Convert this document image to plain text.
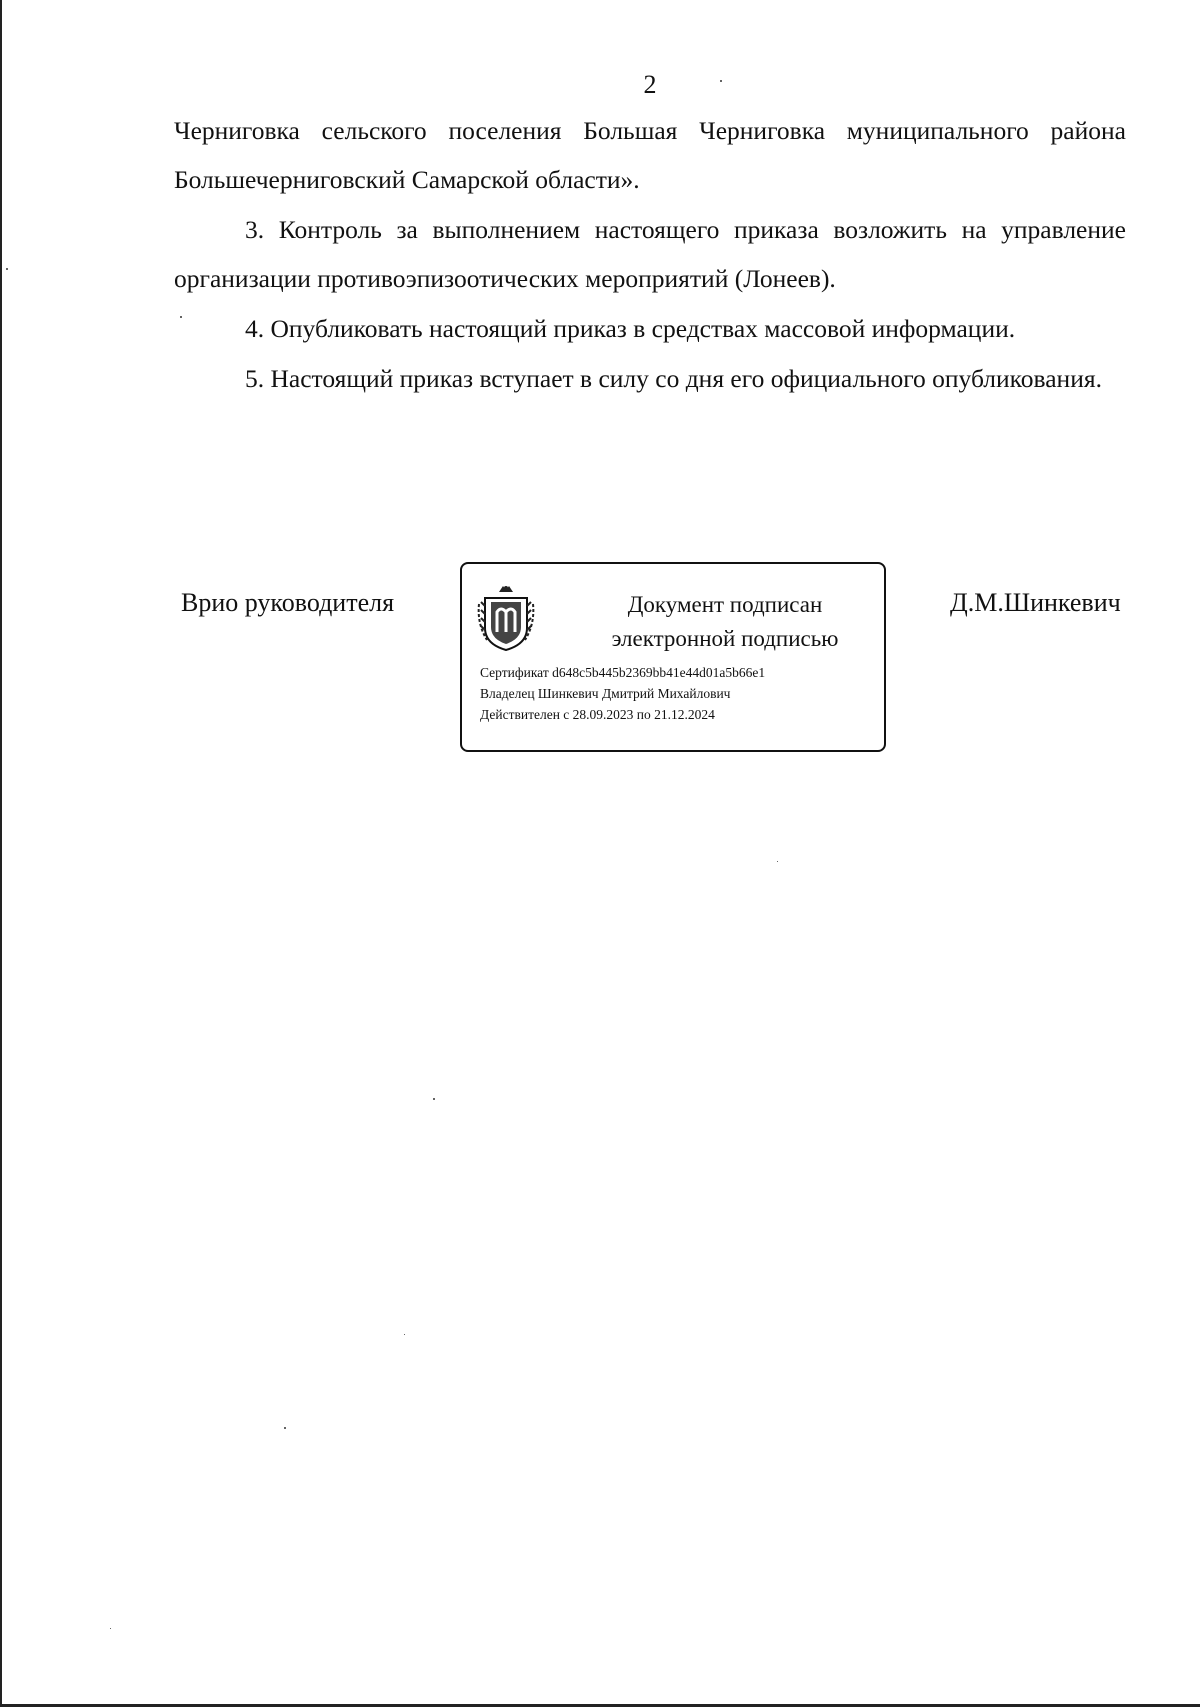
2

Черниговка сельского поселения Большая Черниговка муниципального района Большечерниговский Самарской области».

3. Контроль за выполнением настоящего приказа возложить на управление организации противоэпизоотических мероприятий (Лонеев).

4. Опубликовать настоящий приказ в средствах массовой информации.

5. Настоящий приказ вступает в силу со дня его официального опубликования.

Врио руководителя	Документ подписан
электронной подписью
Сертификат d648c5b445b2369bb41e44d01a5b66e1
Владелец Шинкевич Дмитрий Михайлович
Действителен с 28.09.2023 по 21.12.2024
Д.М.Шинкевич
